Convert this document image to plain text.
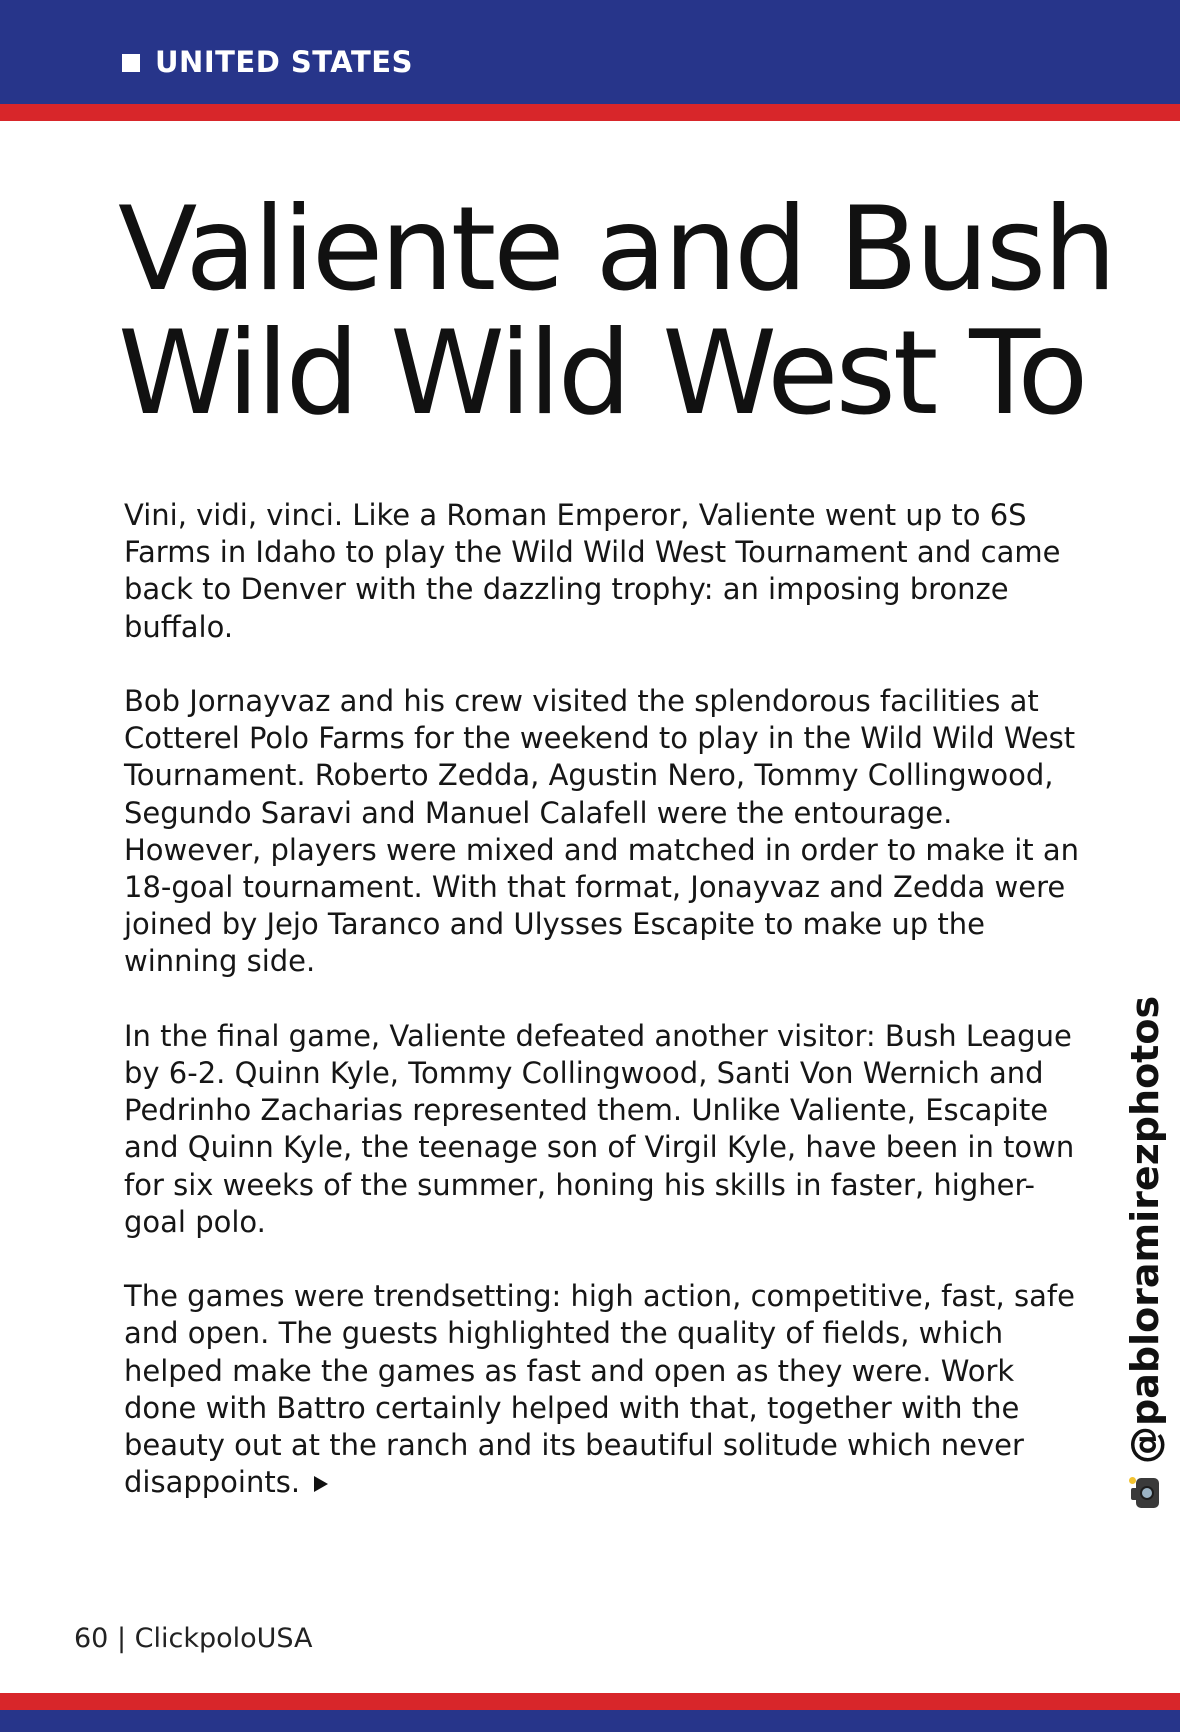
UNITED STATES
Valiente and Bush
Wild Wild West To

Vini, vidi, vinci. Like a Roman Emperor, Valiente went up to 6S Farms in Idaho to play the Wild Wild West Tournament and came back to Denver with the dazzling trophy: an imposing bronze buffalo.

Bob Jornayvaz and his crew visited the splendorous facilities at Cotterel Polo Farms for the weekend to play in the Wild Wild West Tournament. Roberto Zedda, Agustin Nero, Tommy Collingwood, Segundo Saravi and Manuel Calafell were the entourage. However, players were mixed and matched in order to make it an 18-goal tournament. With that format, Jonayvaz and Zedda were joined by Jejo Taranco and Ulysses Escapite to make up the winning side.

In the final game, Valiente defeated another visitor: Bush League by 6-2. Quinn Kyle, Tommy Collingwood, Santi Von Wernich and Pedrinho Zacharias represented them. Unlike Valiente, Escapite and Quinn Kyle, the teenage son of Virgil Kyle, have been in town for six weeks of the summer, honing his skills in faster, higher-goal polo.

The games were trendsetting: high action, competitive, fast, safe and open. The guests highlighted the quality of fields, which helped make the games as fast and open as they were. Work done with Battro certainly helped with that, together with the beauty out at the ranch and its beautiful solitude which never disappoints.

@pabloramirezphotos
60 | ClickpoloUSA
